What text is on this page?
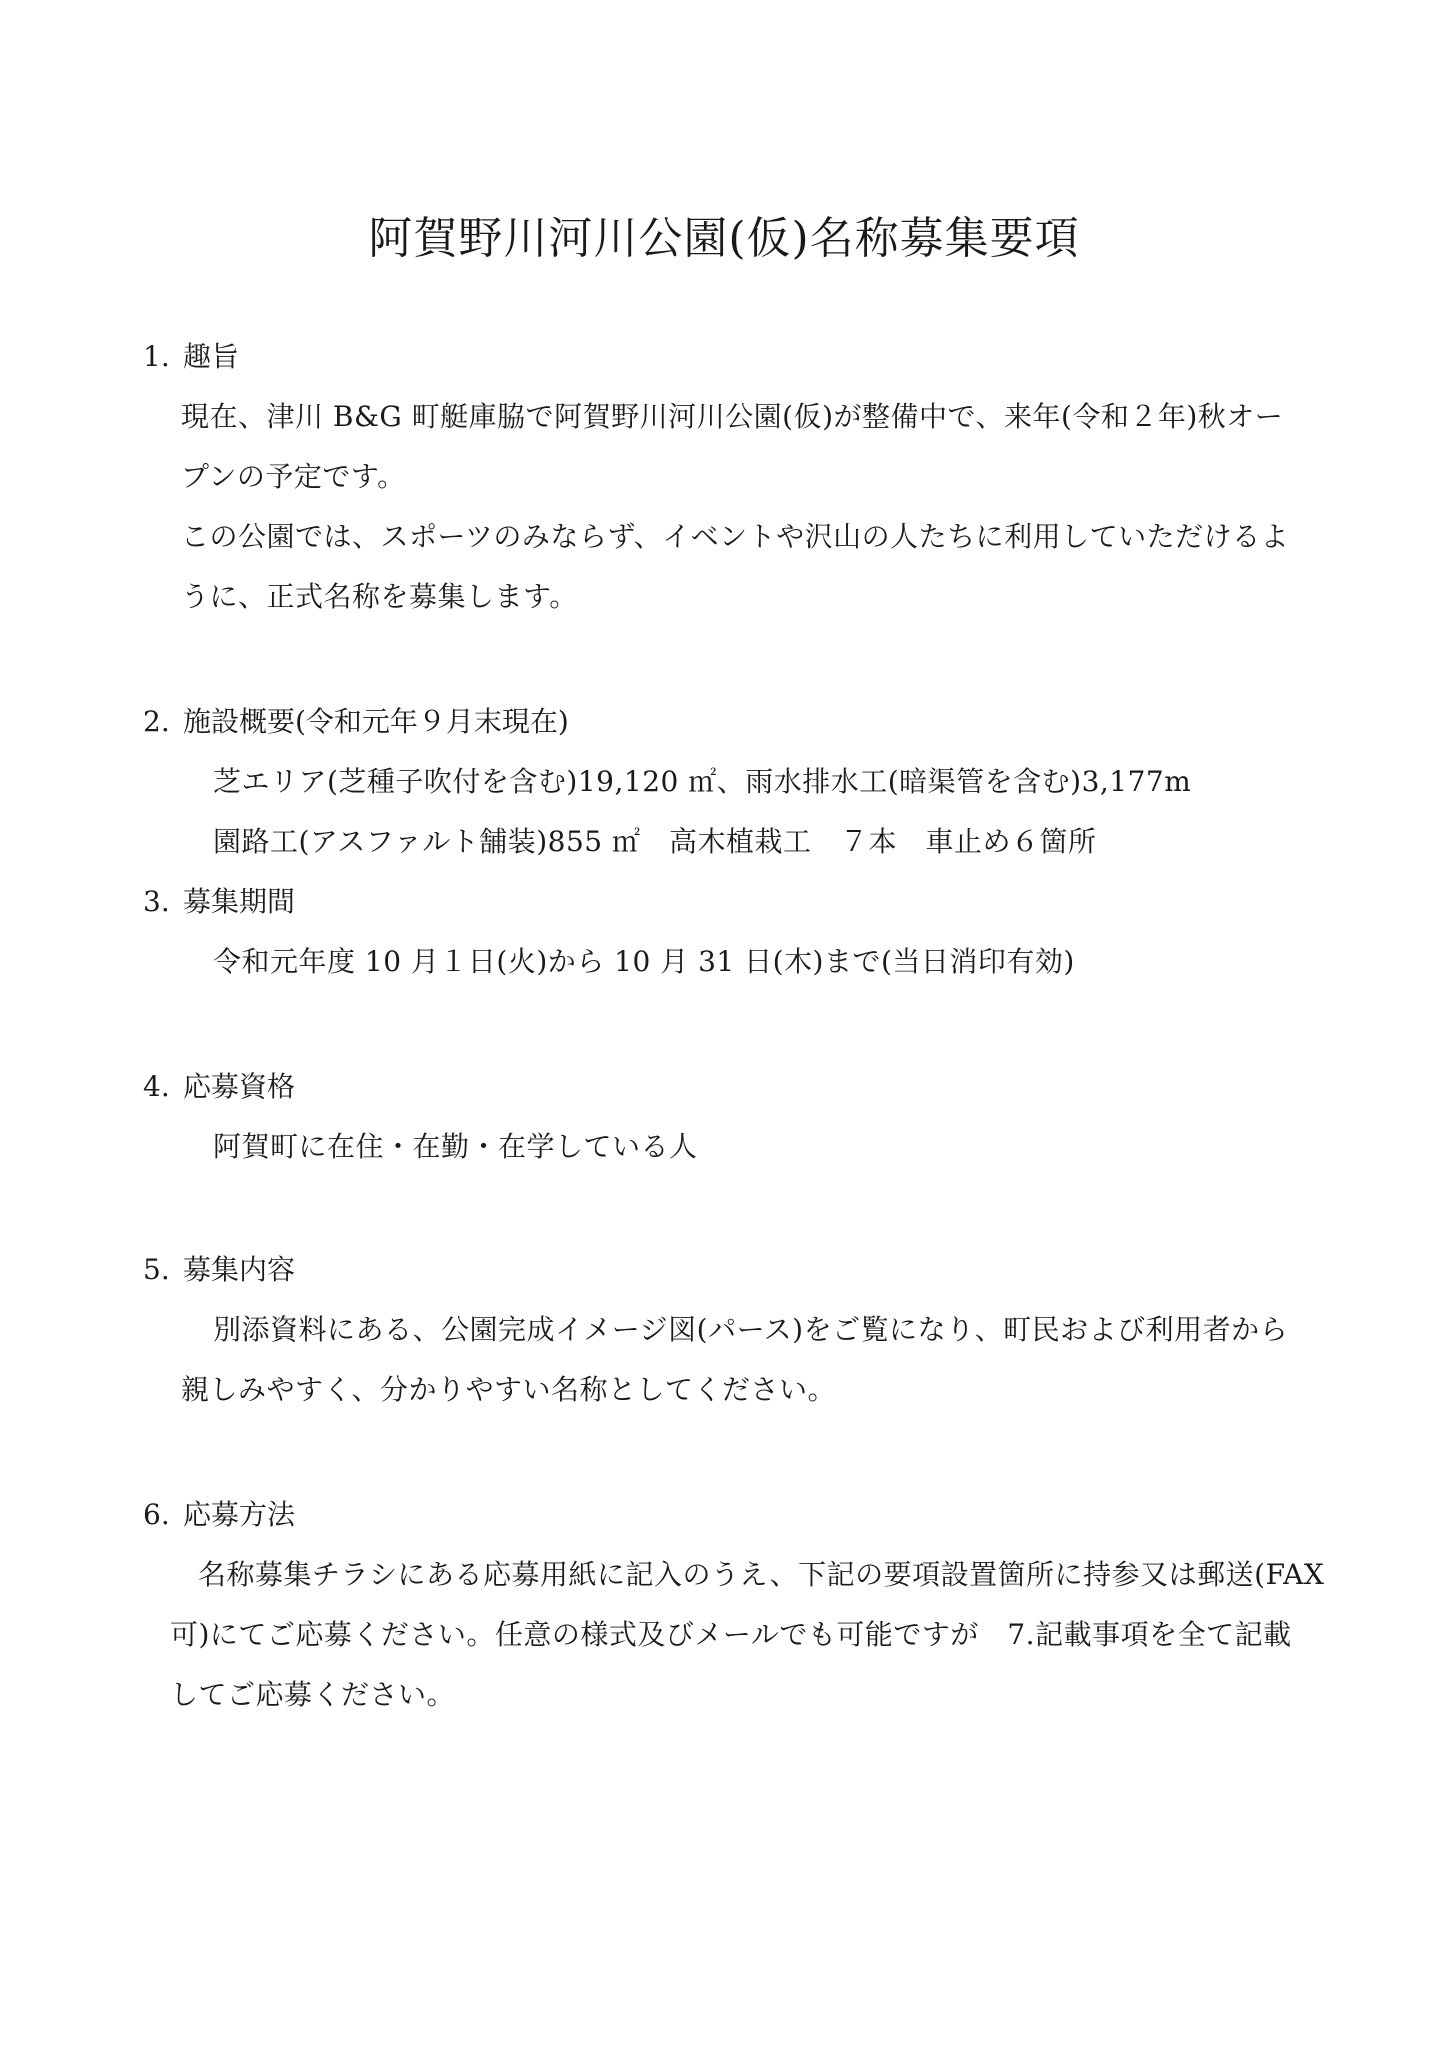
阿賀野川河川公園(仮)名称募集要項
1. 趣旨
現在、津川 B&G 町艇庫脇で阿賀野川河川公園(仮)が整備中で、来年(令和２年)秋オー
プンの予定です。
この公園では、スポーツのみならず、イベントや沢山の人たちに利用していただけるよ
うに、正式名称を募集します。
2. 施設概要(令和元年９月末現在)
芝エリア(芝種子吹付を含む)19,120 ㎡、雨水排水工(暗渠管を含む)3,177m
園路工(アスファルト舗装)855 ㎡　高木植栽工　７本　車止め６箇所
3. 募集期間
令和元年度 10 月１日(火)から 10 月 31 日(木)まで(当日消印有効)
4. 応募資格
阿賀町に在住・在勤・在学している人
5. 募集内容
別添資料にある、公園完成イメージ図(パース)をご覧になり、町民および利用者から
親しみやすく、分かりやすい名称としてください。
6. 応募方法
名称募集チラシにある応募用紙に記入のうえ、下記の要項設置箇所に持参又は郵送(FAX
可)にてご応募ください。任意の様式及びメールでも可能ですが　7.記載事項を全て記載
してご応募ください。
